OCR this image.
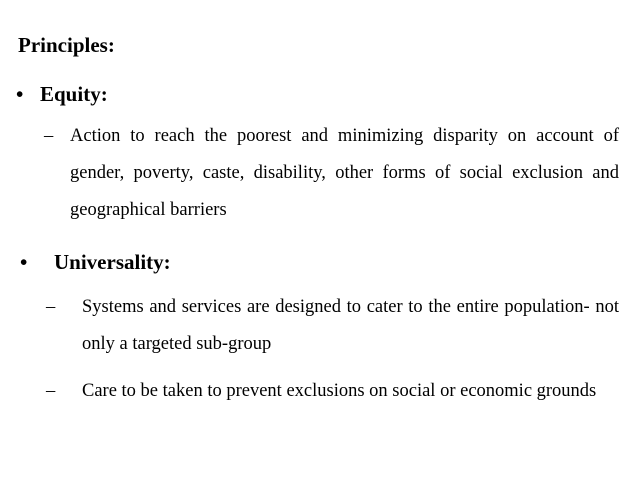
Principles:
• Equity:
– Action to reach the poorest and minimizing disparity on account of gender, poverty, caste, disability, other forms of social exclusion and geographical barriers
• Universality:
– Systems and services are designed to cater to the entire population- not only a targeted sub-group
– Care to be taken to prevent exclusions on social or economic grounds
